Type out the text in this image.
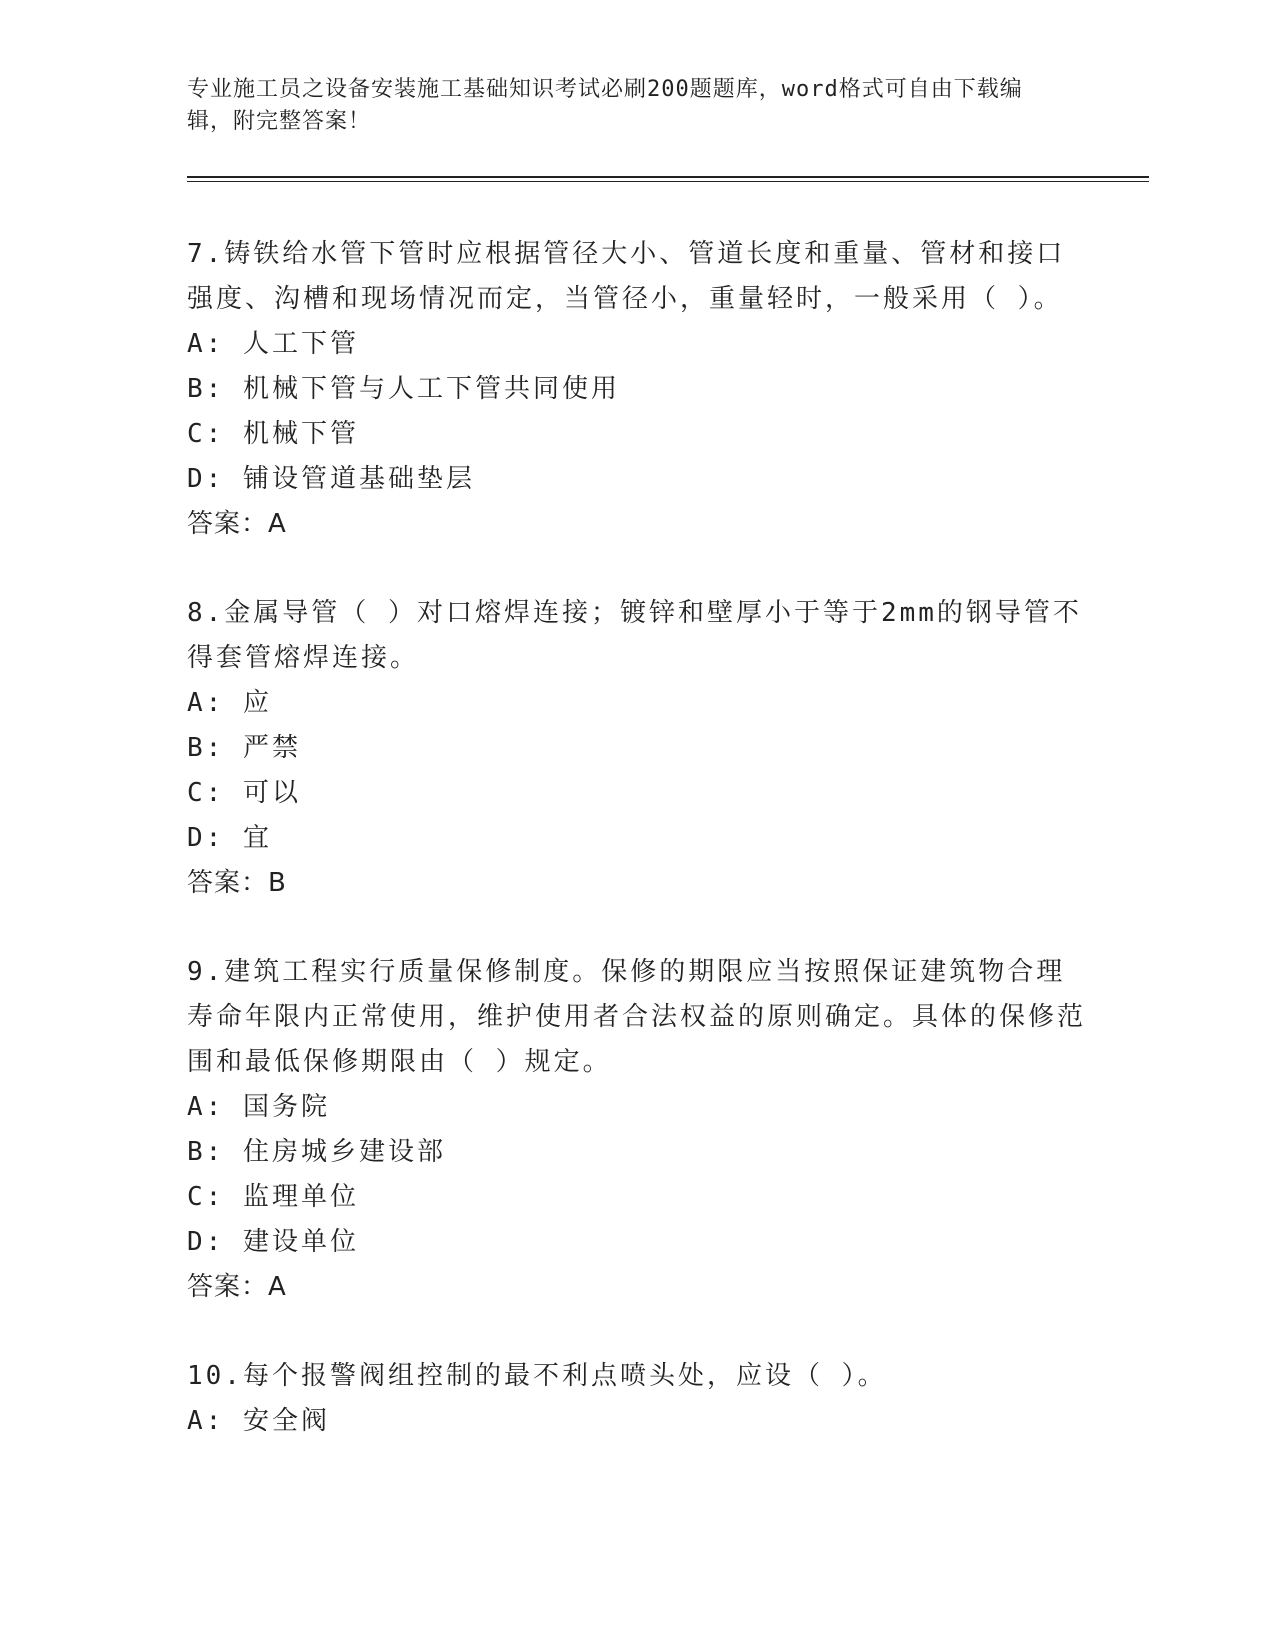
专业施工员之设备安装施工基础知识考试必刷200题题库，word格式可自由下载编辑，附完整答案！
7.铸铁给水管下管时应根据管径大小、管道长度和重量、管材和接口强度、沟槽和现场情况而定，当管径小，重量轻时，一般采用（ ）。
A: 人工下管
B: 机械下管与人工下管共同使用
C: 机械下管
D: 铺设管道基础垫层
答案：A
8.金属导管（ ）对口熔焊连接；镀锌和壁厚小于等于2mm的钢导管不得套管熔焊连接。
A: 应
B: 严禁
C: 可以
D: 宜
答案：B
9.建筑工程实行质量保修制度。保修的期限应当按照保证建筑物合理寿命年限内正常使用，维护使用者合法权益的原则确定。具体的保修范围和最低保修期限由（ ）规定。
A: 国务院
B: 住房城乡建设部
C: 监理单位
D: 建设单位
答案：A
10.每个报警阀组控制的最不利点喷头处，应设（ ）。
A: 安全阀
